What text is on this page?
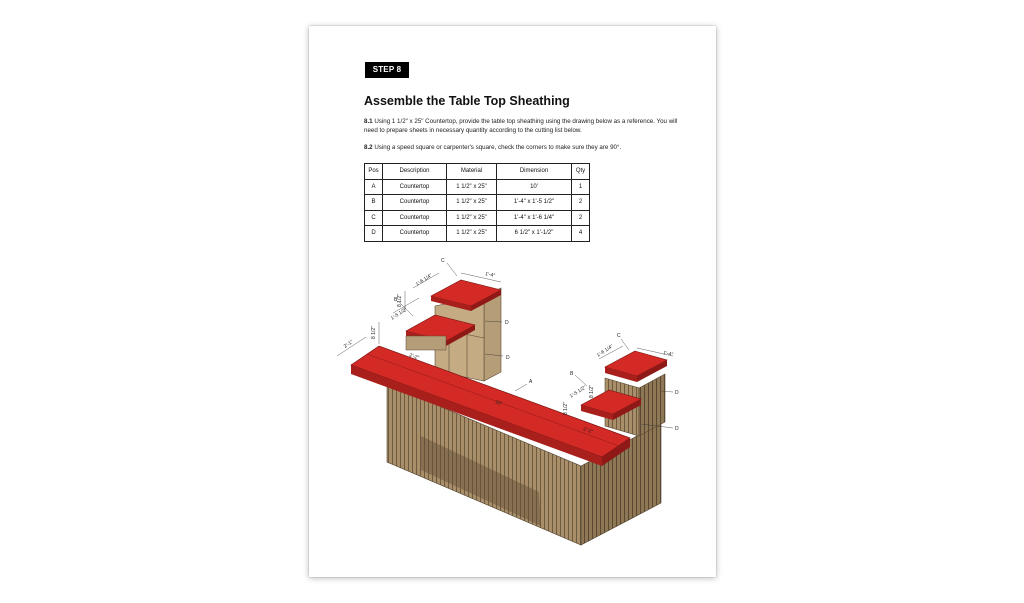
STEP 8
Assemble the Table Top Sheathing

8.1 Using 1 1/2" x 25" Countertop, provide the table top sheathing using the drawing below as a reference. You will need to prepare sheets in necessary quantity according to the cutting list below.

8.2 Using a speed square or carpenter's square, check the corners to make sure they are 90°.

Pos	Description	Material	Dimension	Qty
A	Countertop	1 1/2" x 25"	10'	1
B	Countertop	1 1/2" x 25"	1'-4" x 1'-5 1/2"	2
C	Countertop	1 1/2" x 25"	1'-4" x 1'-6 1/4"	2
D	Countertop	1 1/2" x 25"	6 1/2" x 1'-1/2"	4
2'-1"
8 1/2"
1'-5 1/2"
8 1/2"
1'-6 1/4"	1'-4"
2'-2"
10'
1'-6 1/4"	1'-4"
8 1/2"
1'-5 1/2"
8 1/2"
2'-2"
C
B
D
D
A
C
B
D
D
